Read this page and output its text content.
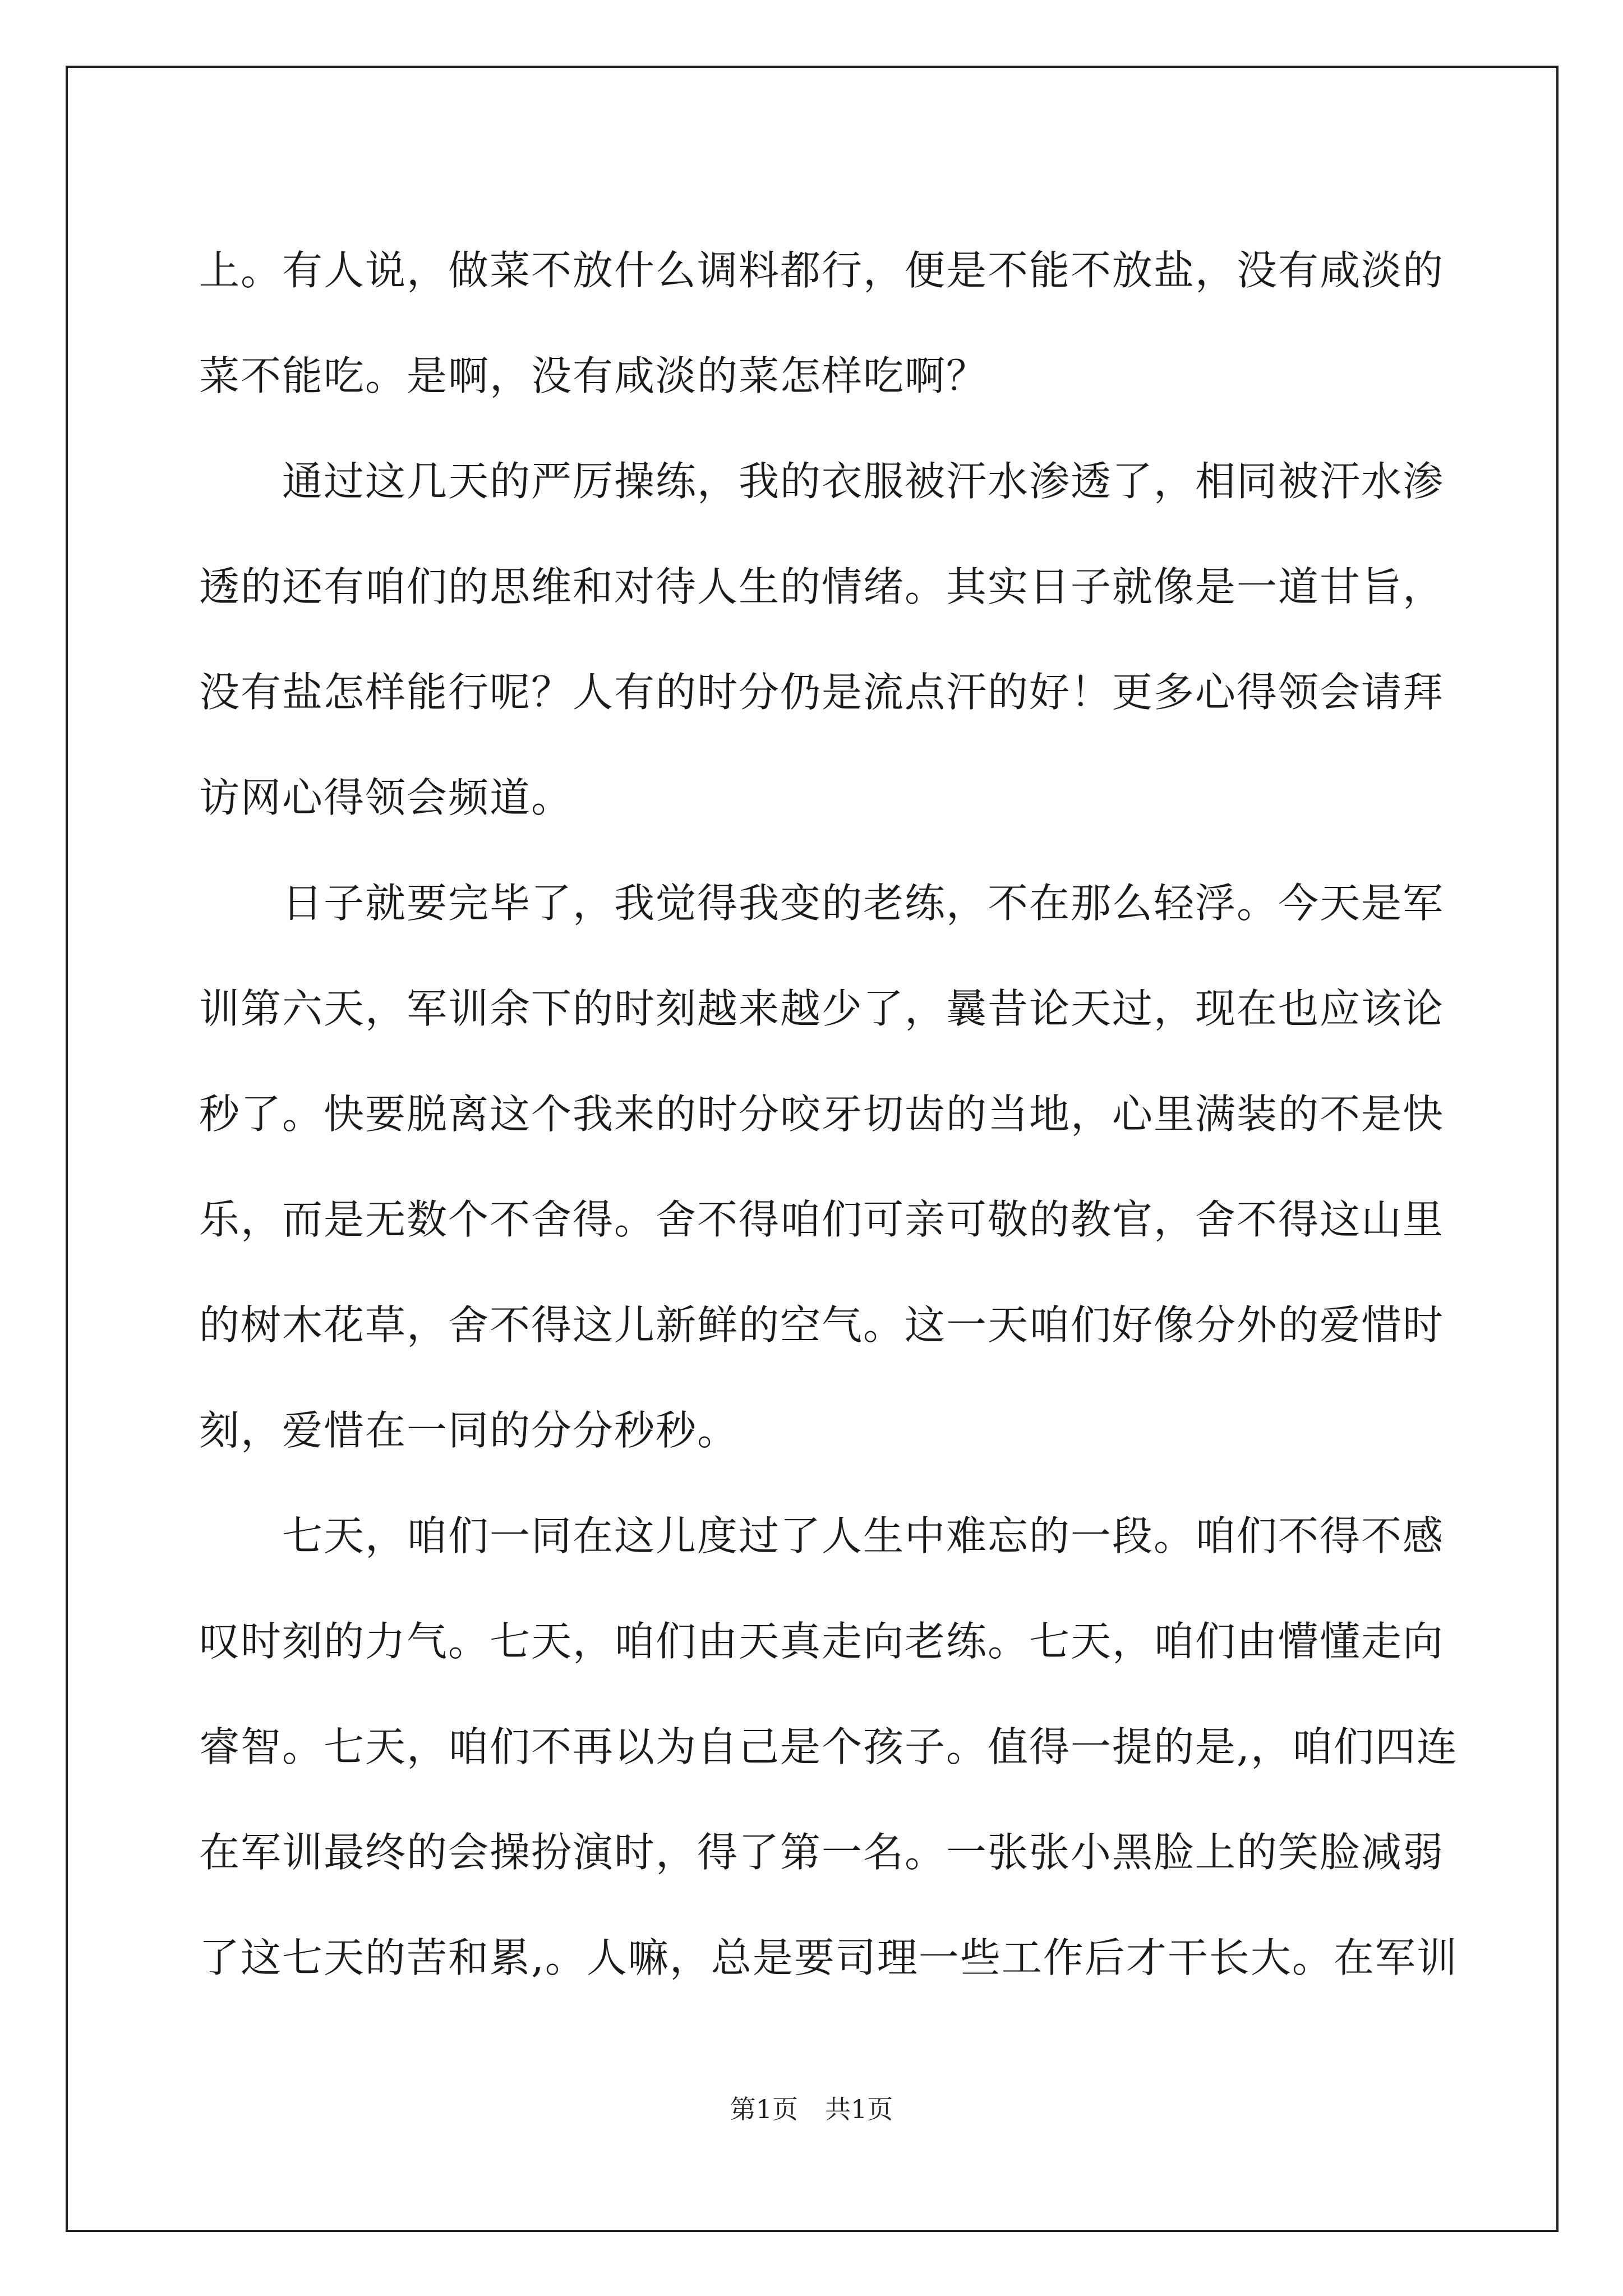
上。有人说，做菜不放什么调料都行，便是不能不放盐，没有咸淡的

菜不能吃。是啊，没有咸淡的菜怎样吃啊？

　　通过这几天的严厉操练，我的衣服被汗水渗透了，相同被汗水渗

透的还有咱们的思维和对待人生的情绪。其实日子就像是一道甘旨，

没有盐怎样能行呢？人有的时分仍是流点汗的好！更多心得领会请拜

访网心得领会频道。

　　日子就要完毕了，我觉得我变的老练，不在那么轻浮。今天是军

训第六天，军训余下的时刻越来越少了，曩昔论天过，现在也应该论

秒了。快要脱离这个我来的时分咬牙切齿的当地，心里满装的不是快

乐，而是无数个不舍得。舍不得咱们可亲可敬的教官，舍不得这山里

的树木花草，舍不得这儿新鲜的空气。这一天咱们好像分外的爱惜时

刻，爱惜在一同的分分秒秒。

　　七天，咱们一同在这儿度过了人生中难忘的一段。咱们不得不感

叹时刻的力气。七天，咱们由天真走向老练。七天，咱们由懵懂走向

睿智。七天，咱们不再以为自己是个孩子。值得一提的是,，咱们四连

在军训最终的会操扮演时，得了第一名。一张张小黑脸上的笑脸减弱

了这七天的苦和累,。人嘛，总是要司理一些工作后才干长大。在军训

第1页 共1页
